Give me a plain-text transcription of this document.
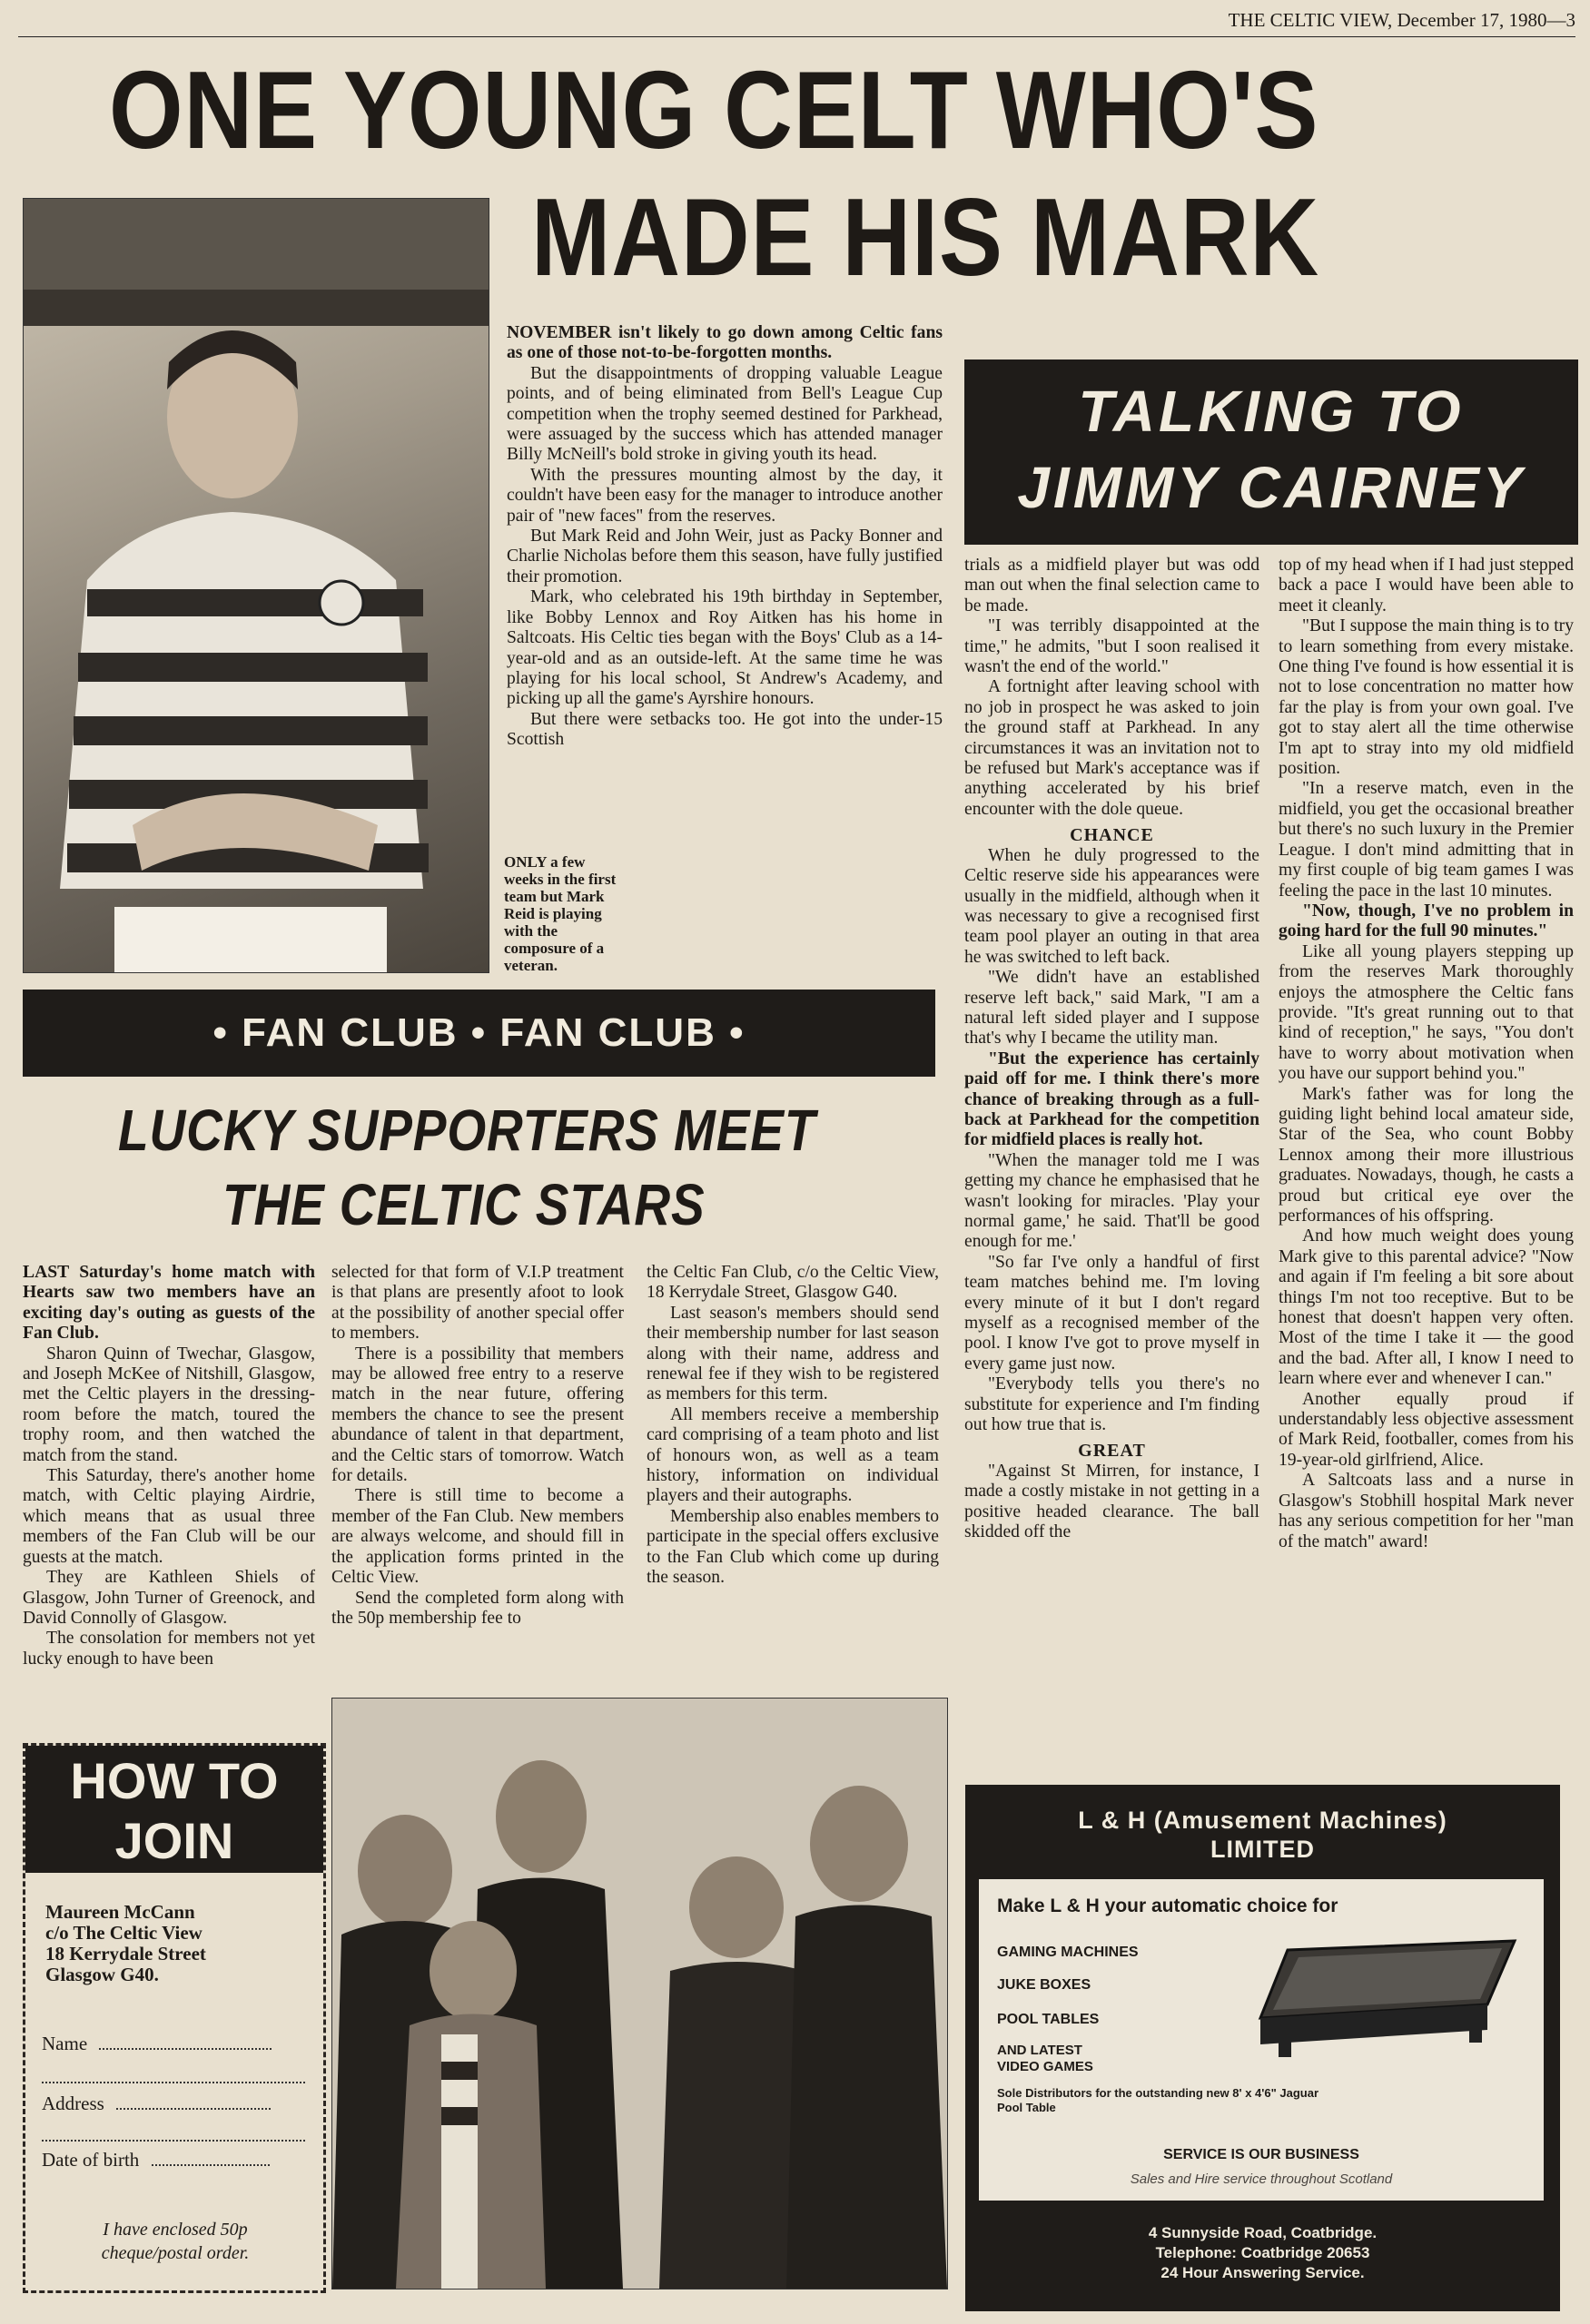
THE CELTIC VIEW, December 17, 1980—3
ONE YOUNG CELT WHO'S
MADE HIS MARK
ONLY a few weeks in the first team but Mark Reid is playing with the composure of a veteran.
TALKING TO
JIMMY CAIRNEY

NOVEMBER isn't likely to go down among Celtic fans as one of those not-to-be-forgotten months.

But the disappointments of dropping valuable League points, and of being eliminated from Bell's League Cup competition when the trophy seemed destined for Parkhead, were assuaged by the success which has attended manager Billy McNeill's bold stroke in giving youth its head.

With the pressures mounting almost by the day, it couldn't have been easy for the manager to introduce another pair of "new faces" from the reserves.

But Mark Reid and John Weir, just as Packy Bonner and Charlie Nicholas before them this season, have fully justified their promotion.

Mark, who celebrated his 19th birthday in September, like Bobby Lennox and Roy Aitken has his home in Saltcoats. His Celtic ties began with the Boys' Club as a 14-year-old and as an outside-left. At the same time he was playing for his local school, St Andrew's Academy, and picking up all the game's Ayrshire honours.

But there were setbacks too. He got into the under-15 Scottish

trials as a midfield player but was odd man out when the final selection came to be made.

"I was terribly disappointed at the time," he admits, "but I soon realised it wasn't the end of the world."

A fortnight after leaving school with no job in prospect he was asked to join the ground staff at Parkhead. In any circumstances it was an invitation not to be refused but Mark's acceptance was if anything accelerated by his brief encounter with the dole queue.

CHANCE

When he duly progressed to the Celtic reserve side his appearances were usually in the midfield, although when it was necessary to give a recognised first team pool player an outing in that area he was switched to left back.

"We didn't have an established reserve left back," said Mark, "I am a natural left sided player and I suppose that's why I became the utility man.

"But the experience has certainly paid off for me. I think there's more chance of breaking through as a full-back at Parkhead for the competition for midfield places is really hot.

"When the manager told me I was getting my chance he emphasised that he wasn't looking for miracles. 'Play your normal game,' he said. That'll be good enough for me.'

"So far I've only a handful of first team matches behind me. I'm loving every minute of it but I don't regard myself as a recognised member of the pool. I know I've got to prove myself in every game just now.

"Everybody tells you there's no substitute for experience and I'm finding out how true that is.

GREAT

"Against St Mirren, for instance, I made a costly mistake in not getting in a positive headed clearance. The ball skidded off the

top of my head when if I had just stepped back a pace I would have been able to meet it cleanly.

"But I suppose the main thing is to try to learn something from every mistake. One thing I've found is how essential it is not to lose concentration no matter how far the play is from your own goal. I've got to stay alert all the time otherwise I'm apt to stray into my old midfield position.

"In a reserve match, even in the midfield, you get the occasional breather but there's no such luxury in the Premier League. I don't mind admitting that in my first couple of big team games I was feeling the pace in the last 10 minutes.

"Now, though, I've no problem in going hard for the full 90 minutes."

Like all young players stepping up from the reserves Mark thoroughly enjoys the atmosphere the Celtic fans provide. "It's great running out to that kind of reception," he says, "You don't have to worry about motivation when you have our support behind you."

Mark's father was for long the guiding light behind local amateur side, Star of the Sea, who count Bobby Lennox among their more illustrious graduates. Nowadays, though, he casts a proud but critical eye over the performances of his offspring.

And how much weight does young Mark give to this parental advice? "Now and again if I'm feeling a bit sore about things I'm not too receptive. But to be honest that doesn't happen very often. Most of the time I take it — the good and the bad. After all, I know I need to learn where ever and whenever I can."

Another equally proud if understandably less objective assessment of Mark Reid, footballer, comes from his 19-year-old girlfriend, Alice.

A Saltcoats lass and a nurse in Glasgow's Stobhill hospital Mark never has any serious competition for her "man of the match" award!

• FAN CLUB • FAN CLUB •
LUCKY SUPPORTERS MEET
THE CELTIC STARS

LAST Saturday's home match with Hearts saw two members have an exciting day's outing as guests of the Fan Club.

Sharon Quinn of Twechar, Glasgow, and Joseph McKee of Nitshill, Glasgow, met the Celtic players in the dressing-room before the match, toured the trophy room, and then watched the match from the stand.

This Saturday, there's another home match, with Celtic playing Airdrie, which means that as usual three members of the Fan Club will be our guests at the match.

They are Kathleen Shiels of Glasgow, John Turner of Greenock, and David Connolly of Glasgow.

The consolation for members not yet lucky enough to have been

selected for that form of V.I.P treatment is that plans are presently afoot to look at the possibility of another special offer to members.

There is a possibility that members may be allowed free entry to a reserve match in the near future, offering members the chance to see the present abundance of talent in that department, and the Celtic stars of tomorrow. Watch for details.

There is still time to become a member of the Fan Club. New members are always welcome, and should fill in the application forms printed in the Celtic View.

Send the completed form along with the 50p membership fee to

the Celtic Fan Club, c/o the Celtic View, 18 Kerrydale Street, Glasgow G40.

Last season's members should send their membership number for last season along with their name, address and renewal fee if they wish to be registered as members for this term.

All members receive a membership card comprising of a team photo and list of honours won, as well as a team history, information on individual players and their autographs.

Membership also enables members to participate in the special offers exclusive to the Fan Club which come up during the season.

HOW TO
JOIN
Maureen McCann
c/o The Celtic View
18 Kerrydale Street
Glasgow G40.
Name
Address
Date of birth
I have enclosed 50p cheque/postal order.
L & H (Amusement Machines)
LIMITED
Make L & H your automatic choice for
GAMING MACHINES
JUKE BOXES
POOL TABLES
AND LATEST VIDEO GAMES
Sole Distributors for the outstanding new 8' x 4'6" Jaguar Pool Table
SERVICE IS OUR BUSINESS
Sales and Hire service throughout Scotland
4 Sunnyside Road, Coatbridge.
Telephone: Coatbridge 20653
24 Hour Answering Service.
